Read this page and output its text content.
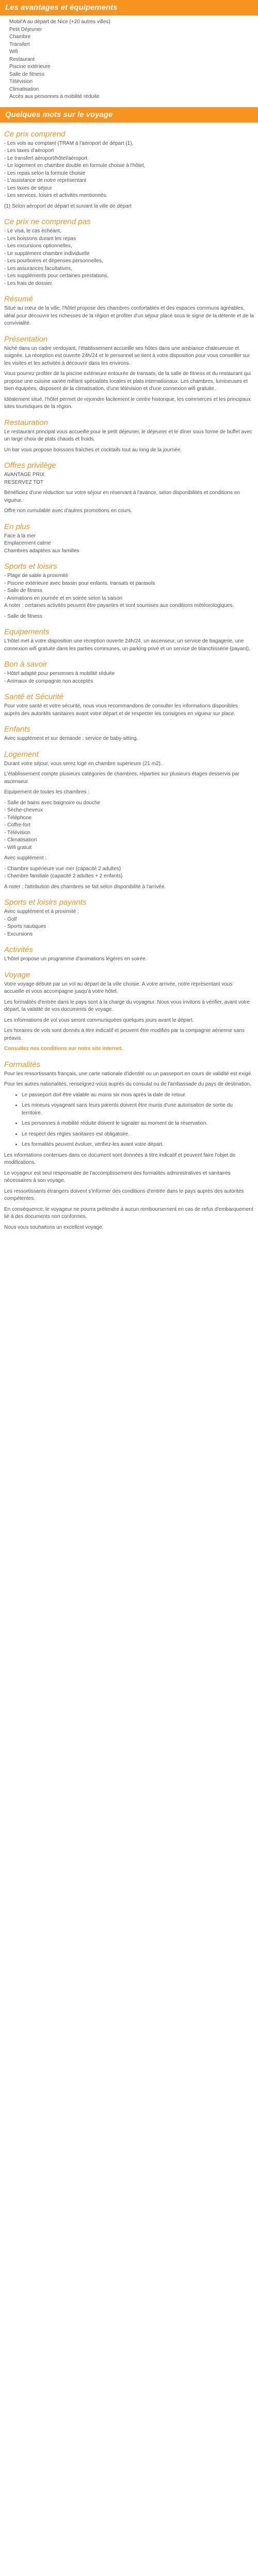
Les avantages et équipements
Mobil'A au départ de Nice (+20 autres villes)
Petit Déjeuner
Chambre
Transfert
Wifi
Restaurant
Piscine extérieure
Salle de fitness
Télévision
Climatisation
Accès aux personnes à mobilité réduite
Quelques mots sur le voyage
Ce prix comprend
- Les vols au comptant (TRAM à l'aéroport de départ (1),
- Les taxes d'aéroport
- Le transfert aéroport/hôtel/aéroport
- Le logement en chambre double en formule choisie à l'hôtel,
- Les repas selon la formule choisie
- L'assistance de notre représentant
- Les taxes de séjour
- Les services, loisirs et activités mentionnés.

(1) Selon aéroport de départ et suivant la ville de départ

Ce prix ne comprend pas
- Le visa, le cas échéant,
- Les boissons durant les repas
- Les excursions optionnelles,
- Le supplément chambre individuelle
- Les pourboires et dépenses personnelles,
- Les assurances facultatives,
- Les suppléments pour certaines prestations,
- Les frais de dossier.
Résumé

Situé au cœur de la ville, l'hôtel propose des chambres confortables et des espaces communs agréables, idéal pour découvrir les richesses de la région et profiter d'un séjour placé sous le signe de la détente et de la convivialité.

Présentation

Niché dans un cadre verdoyant, l'établissement accueille ses hôtes dans une ambiance chaleureuse et soignée. La réception est ouverte 24h/24 et le personnel se tient à votre disposition pour vous conseiller sur les visites et les activités à découvrir dans les environs.

Vous pourrez profiter de la piscine extérieure entourée de transats, de la salle de fitness et du restaurant qui propose une cuisine variée mêlant spécialités locales et plats internationaux. Les chambres, lumineuses et bien équipées, disposent de la climatisation, d'une télévision et d'une connexion wifi gratuite.

Idéalement situé, l'hôtel permet de rejoindre facilement le centre historique, les commerces et les principaux sites touristiques de la région.

Restauration

Le restaurant principal vous accueille pour le petit déjeuner, le déjeuner et le dîner sous forme de buffet avec un large choix de plats chauds et froids.

Un bar vous propose boissons fraîches et cocktails tout au long de la journée.

Offres privilège
AVANTAGE PRIX
RESERVEZ TOT

Bénéficiez d'une réduction sur votre séjour en réservant à l'avance, selon disponibilités et conditions en vigueur.

Offre non cumulable avec d'autres promotions en cours.

En plus
Face à la mer
Emplacement calme
Chambres adaptées aux familles
Sports et loisirs
- Plage de sable à proximité
- Piscine extérieure avec bassin pour enfants, transats et parasols
- Salle de fitness
- Animations en journée et en soirée selon la saison

A noter : certaines activités peuvent être payantes et sont soumises aux conditions météorologiques.

- Salle de fitness

Equipements

L'hôtel met à votre disposition une réception ouverte 24h/24, un ascenseur, un service de bagagerie, une connexion wifi gratuite dans les parties communes, un parking privé et un service de blanchisserie (payant).

Bon à savoir
- Hôtel adapté pour personnes à mobilité réduite
- Animaux de compagnie non acceptés
Santé et Sécurité

Pour votre santé et votre sécurité, nous vous recommandons de consulter les informations disponibles auprès des autorités sanitaires avant votre départ et de respecter les consignes en vigueur sur place.

Enfants

Avec supplément et sur demande : service de baby-sitting.

Logement

Durant votre séjour, vous serez logé en chambre supérieure (21 m2).

L'établissement compte plusieurs catégories de chambres, réparties sur plusieurs étages desservis par ascenseur.

Equipement de toutes les chambres :

- Salle de bains avec baignoire ou douche
- Sèche-cheveux
- Téléphone
- Coffre-fort
- Télévision
- Climatisation
- Wifi gratuit

Avec supplément :

- Chambre supérieure vue mer (capacité 2 adultes)
- Chambre familiale (capacité 2 adultes + 2 enfants)

A noter : l'attribution des chambres se fait selon disponibilité à l'arrivée.

Sports et loisirs payants
Avec supplément et à proximité :
- Golf
- Sports nautiques
- Excursions
Activités

L'hôtel propose un programme d'animations légères en soirée.

Voyage

Votre voyage débute par un vol au départ de la ville choisie. A votre arrivée, notre représentant vous accueille et vous accompagne jusqu'à votre hôtel.

Les formalités d'entrée dans le pays sont à la charge du voyageur. Nous vous invitons à vérifier, avant votre départ, la validité de vos documents de voyage.

Les informations de vol vous seront communiquées quelques jours avant le départ.

Les horaires de vols sont donnés à titre indicatif et peuvent être modifiés par la compagnie aérienne sans préavis.

Consultez nos conditions sur notre site internet.

Formalités

Pour les ressortissants français, une carte nationale d'identité ou un passeport en cours de validité est exigé.

Pour les autres nationalités, renseignez-vous auprès du consulat ou de l'ambassade du pays de destination.

• Le passeport doit être valable au moins six mois après la date de retour.
• Les mineurs voyageant sans leurs parents doivent être munis d'une autorisation de sortie du territoire.
• Les personnes à mobilité réduite doivent le signaler au moment de la réservation.
• Le respect des règles sanitaires est obligatoire.
• Les formalités peuvent évoluer, vérifiez-les avant votre départ.

Les informations contenues dans ce document sont données à titre indicatif et peuvent faire l'objet de modifications.

Le voyageur est seul responsable de l'accomplissement des formalités administratives et sanitaires nécessaires à son voyage.

Les ressortissants étrangers doivent s'informer des conditions d'entrée dans le pays auprès des autorités compétentes.

En conséquence, le voyageur ne pourra prétendre à aucun remboursement en cas de refus d'embarquement lié à des documents non conformes.

Nous vous souhaitons un excellent voyage.
